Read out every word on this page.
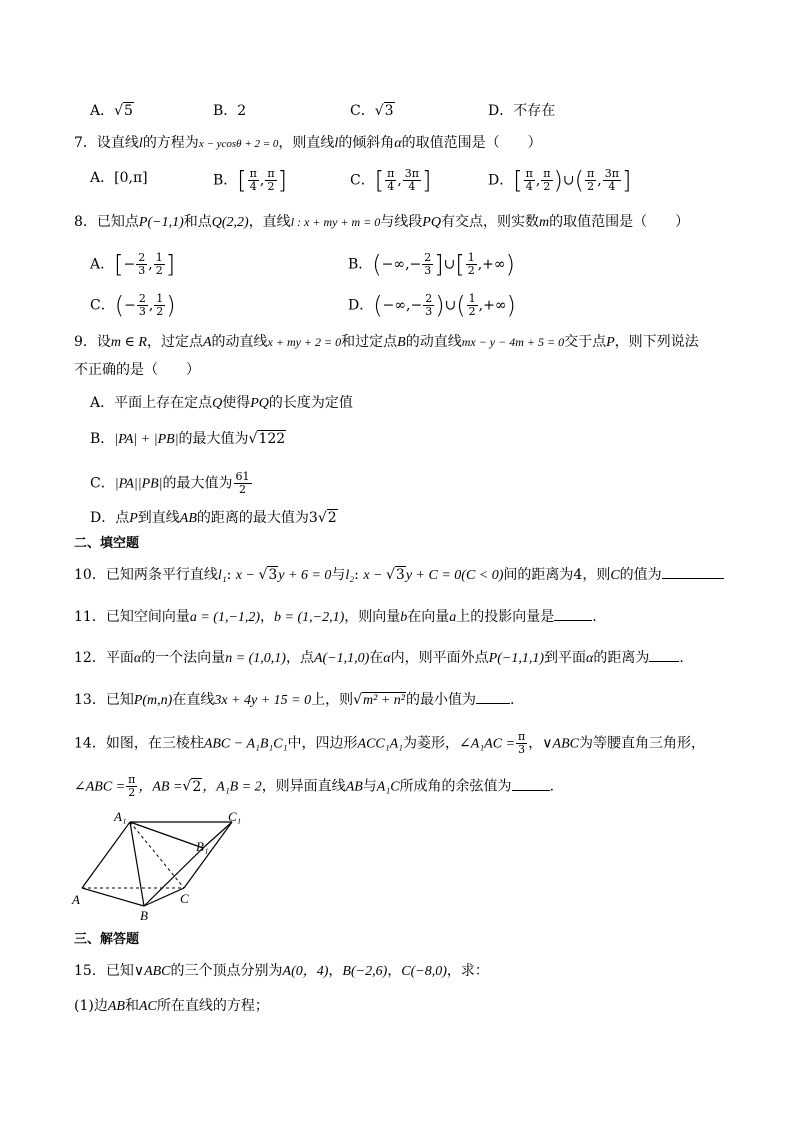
A．√5	B．2	C．√3	D．不存在
7．设直线l的方程为x − ycosθ + 2 = 0，则直线l的倾斜角α的取值范围是（　　）
A．[0,π]	B．[ $\frac{\pi}{4}$ , $\frac{\pi}{2}$ ]	C．[ $\frac{\pi}{4}$ , $\frac{3\pi}{4}$ ]	D．[ $\frac{\pi}{4}$ , $\frac{\pi}{2}$ )∪( $\frac{\pi}{2}$ , $\frac{3\pi}{4}$ ]
8．已知点P(−1,1)和点Q(2,2)，直线l : x + my + m = 0与线段PQ有交点，则实数m的取值范围是（　　）
A．[− $\frac{2}{3}$ , $\frac{1}{2}$ ]	B．(−∞,− $\frac{2}{3}$ ]∪[ $\frac{1}{2}$ ,+∞)
C．(− $\frac{2}{3}$ , $\frac{1}{2}$ )	D．(−∞,− $\frac{2}{3}$ )∪( $\frac{1}{2}$ ,+∞)
9．设m ∈ R，过定点A的动直线x + my + 2 = 0和过定点B的动直线mx − y − 4m + 5 = 0交于点P，则下列说法
不正确的是（　　）
A．平面上存在定点Q使得PQ的长度为定值
B．|PA| + |PB|的最大值为√122
C．|PA||PB|的最大值为 $\frac{61}{2}$
D．点P到直线AB的距离的最大值为3√2
二、填空题
10．已知两条平行直线l₁: x − √3y + 6 = 0与l₂: x − √3y + C = 0(C < 0)间的距离为4，则C的值为
11．已知空间向量a = (1,−1,2)，b = (1,−2,1)，则向量b在向量a上的投影向量是	.
12．平面α的一个法向量n = (1,0,1)，点A(−1,1,0)在α内，则平面外点P(−1,1,1)到平面α的距离为 .
13．已知P(m,n)在直线3x + 4y + 15 = 0上，则√m² + n²的最小值为 .
14．如图，在三棱柱ABC − A₁B₁C₁中，四边形ACC₁A₁为菱形，∠A₁AC = $\frac{\pi}{3}$ ，∨ABC为等腰直角三角形，
∠ABC = $\frac{\pi}{2}$ ，AB =√2，A₁B = 2，则异面直线AB与A₁C所成角的余弦值为	.
A₁	C₁
B₁
A
B
C
三、解答题
15．已知∨ABC的三个顶点分别为A(0，4)，B(−2,6)，C(−8,0)，求：
(1)边AB和AC所在直线的方程；
